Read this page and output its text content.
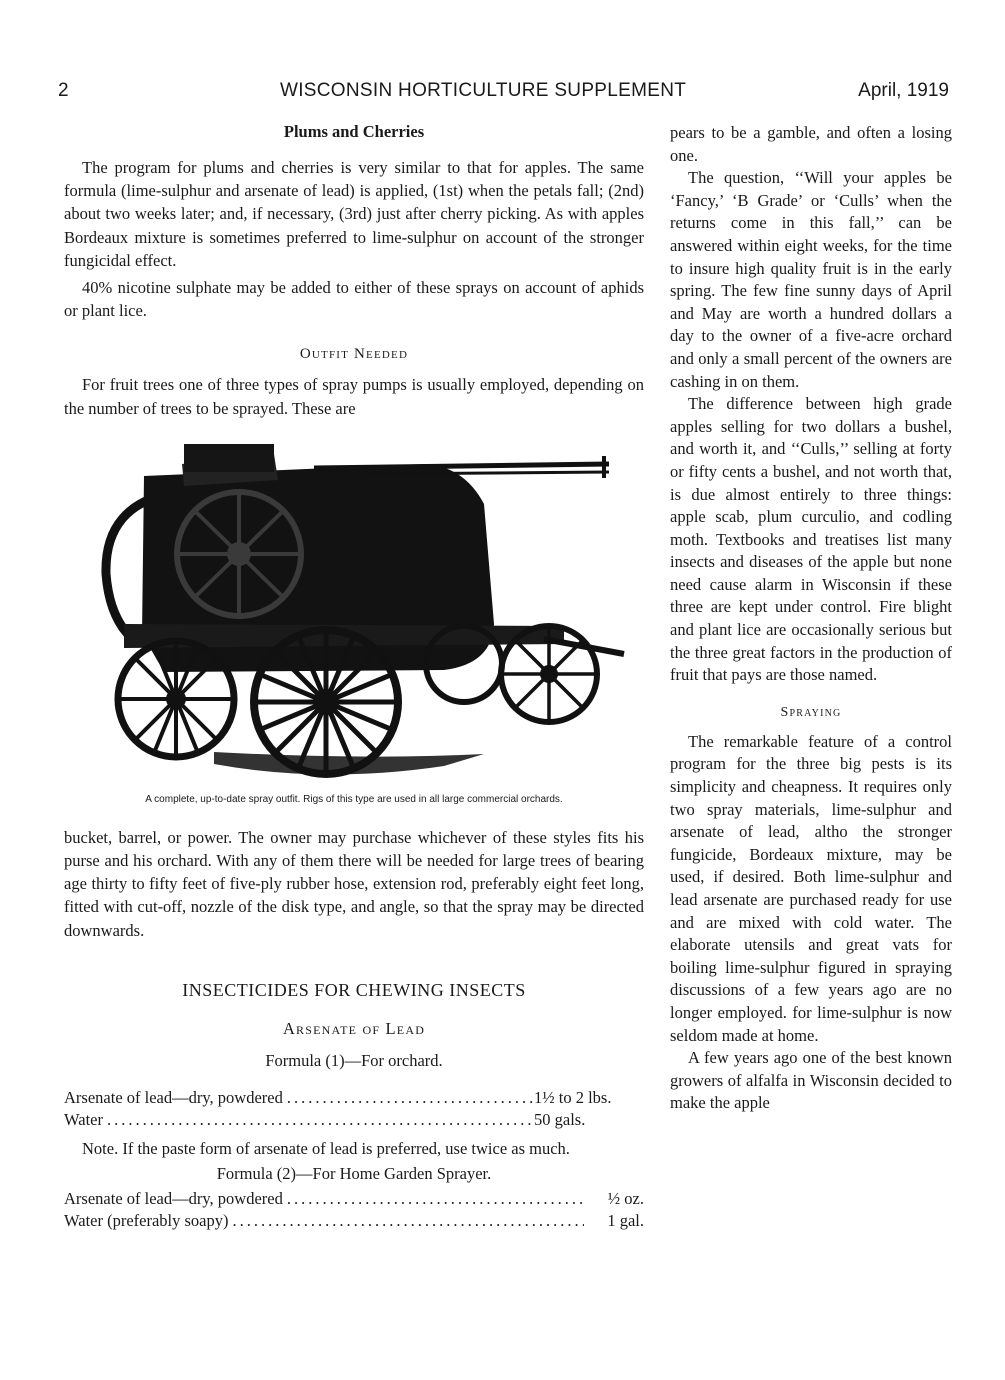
2	WISCONSIN HORTICULTURE SUPPLEMENT	April, 1919
Plums and Cherries

The program for plums and cherries is very similar to that for apples. The same formula (lime-sulphur and arsenate of lead) is applied, (1st) when the petals fall; (2nd) about two weeks later; and, if necessary, (3rd) just after cherry picking. As with apples Bordeaux mixture is sometimes preferred to lime-sulphur on account of the stronger fungicidal effect.

40% nicotine sulphate may be added to either of these sprays on account of aphids or plant lice.

Outfit Needed

For fruit trees one of three types of spray pumps is usually employed, depending on the number of trees to be sprayed. These are

A complete, up-to-date spray outfit. Rigs of this type are used in all large commercial orchards.

bucket, barrel, or power. The owner may purchase whichever of these styles fits his purse and his orchard. With any of them there will be needed for large trees of bearing age thirty to fifty feet of five-ply rubber hose, extension rod, preferably eight feet long, fitted with cut-off, nozzle of the disk type, and angle, so that the spray may be directed downwards.

INSECTICIDES FOR CHEWING INSECTS
Arsenate of Lead
Formula (1)—For orchard.
Arsenate of lead—dry, powdered .....	1½ to 2 lbs.
Water .....	50 gals.

Note. If the paste form of arsenate of lead is preferred, use twice as much.

Formula (2)—For Home Garden Sprayer.
Arsenate of lead—dry, powdered .....	½ oz.
Water (preferably soapy) .....	1 gal.

pears to be a gamble, and often a losing one.

The question, ‘‘Will your apples be ‘Fancy,’ ‘B Grade’ or ‘Culls’ when the returns come in this fall,’’ can be answered within eight weeks, for the time to insure high quality fruit is in the early spring. The few fine sunny days of April and May are worth a hundred dollars a day to the owner of a five-acre orchard and only a small percent of the owners are cashing in on them.

The difference between high grade apples selling for two dollars a bushel, and worth it, and ‘‘Culls,’’ selling at forty or fifty cents a bushel, and not worth that, is due almost entirely to three things: apple scab, plum curculio, and codling moth. Textbooks and treatises list many insects and diseases of the apple but none need cause alarm in Wisconsin if these three are kept under control. Fire blight and plant lice are occasionally serious but the three great factors in the production of fruit that pays are those named.

Spraying

The remarkable feature of a control program for the three big pests is its simplicity and cheapness. It requires only two spray materials, lime-sulphur and arsenate of lead, altho the stronger fungicide, Bordeaux mixture, may be used, if desired. Both lime-sulphur and lead arsenate are purchased ready for use and are mixed with cold water. The elaborate utensils and great vats for boiling lime-sulphur figured in spraying discussions of a few years ago are no longer employed. for lime-sulphur is now seldom made at home.

A few years ago one of the best known growers of alfalfa in Wisconsin decided to make the apple
